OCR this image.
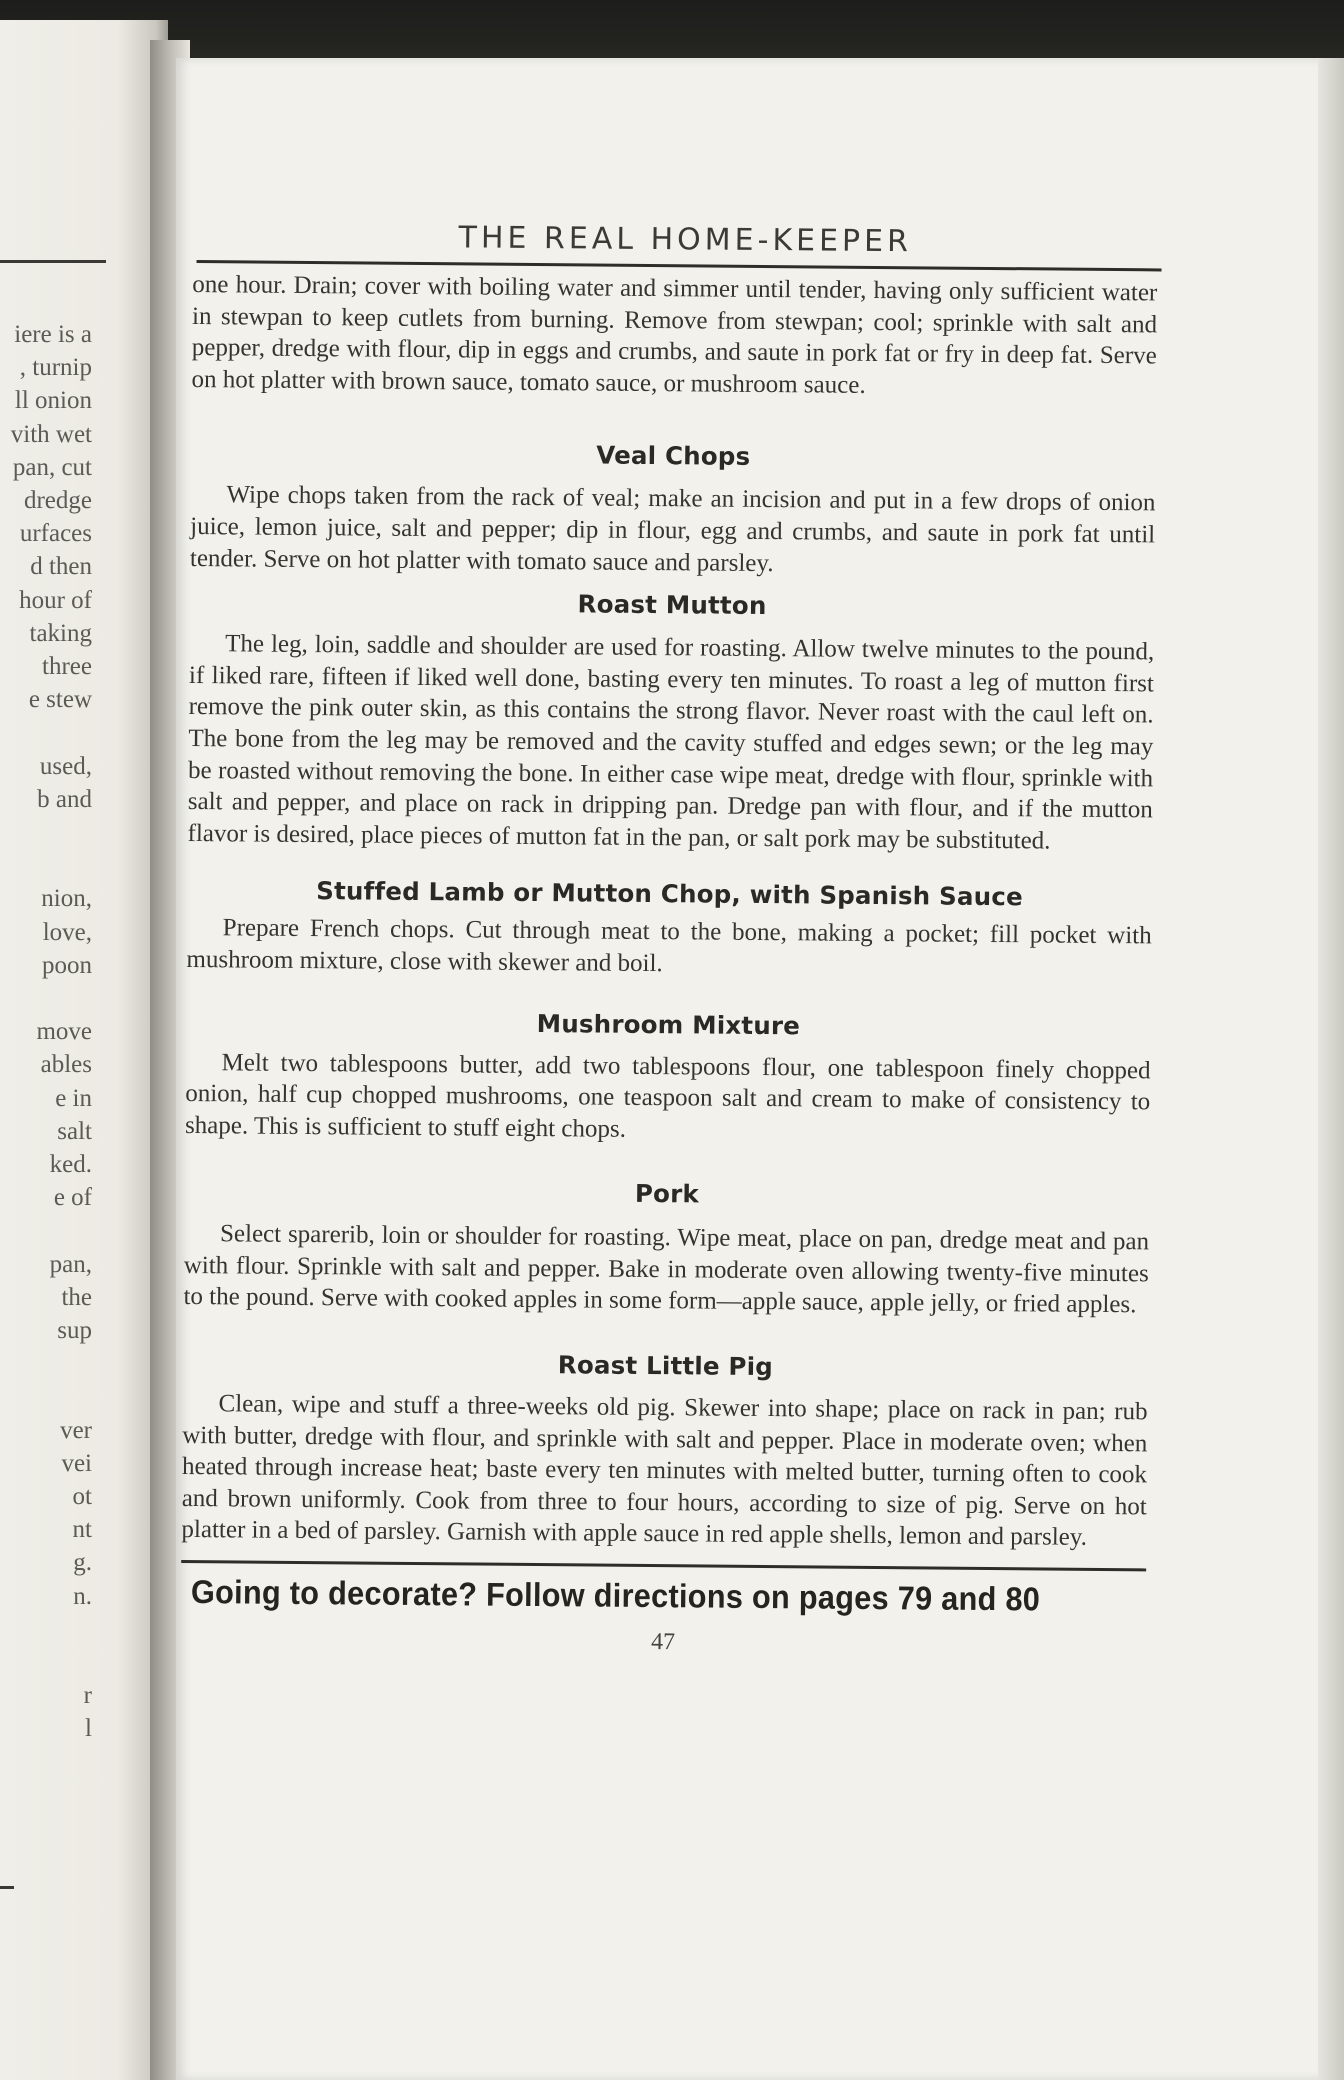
iere is a
, turnip
ll onion
vith wet
pan, cut
dredge
urfaces
d then
hour of
taking
three
e stew
used,
b and
nion,
love,
poon
move
ables
e in
salt
ked.
e of
pan,
the
sup
ver
vei
ot
nt
g.
n.
r
l
THE REAL HOME-KEEPER

one hour. Drain; cover with boiling water and simmer until tender, having only sufficient water in stewpan to keep cutlets from burning. Remove from stewpan; cool; sprinkle with salt and pepper, dredge with flour, dip in eggs and crumbs, and saute in pork fat or fry in deep fat. Serve on hot platter with brown sauce, tomato sauce, or mushroom sauce.

Veal Chops

Wipe chops taken from the rack of veal; make an incision and put in a few drops of onion juice, lemon juice, salt and pepper; dip in flour, egg and crumbs, and saute in pork fat until tender. Serve on hot platter with tomato sauce and parsley.

Roast Mutton

The leg, loin, saddle and shoulder are used for roasting. Allow twelve minutes to the pound, if liked rare, fifteen if liked well done, basting every ten minutes. To roast a leg of mutton first remove the pink outer skin, as this contains the strong flavor. Never roast with the caul left on. The bone from the leg may be removed and the cavity stuffed and edges sewn; or the leg may be roasted without removing the bone. In either case wipe meat, dredge with flour, sprinkle with salt and pepper, and place on rack in dripping pan. Dredge pan with flour, and if the mutton flavor is desired, place pieces of mutton fat in the pan, or salt pork may be substituted.

Stuffed Lamb or Mutton Chop, with Spanish Sauce

Prepare French chops. Cut through meat to the bone, making a pocket; fill pocket with mushroom mixture, close with skewer and boil.

Mushroom Mixture

Melt two tablespoons butter, add two tablespoons flour, one tablespoon finely chopped onion, half cup chopped mushrooms, one teaspoon salt and cream to make of consistency to shape. This is sufficient to stuff eight chops.

Pork

Select sparerib, loin or shoulder for roasting. Wipe meat, place on pan, dredge meat and pan with flour. Sprinkle with salt and pepper. Bake in moderate oven allowing twenty-five minutes to the pound. Serve with cooked apples in some form—apple sauce, apple jelly, or fried apples.

Roast Little Pig

Clean, wipe and stuff a three-weeks old pig. Skewer into shape; place on rack in pan; rub with butter, dredge with flour, and sprinkle with salt and pepper. Place in moderate oven; when heated through increase heat; baste every ten minutes with melted butter, turning often to cook and brown uniformly. Cook from three to four hours, according to size of pig. Serve on hot platter in a bed of parsley. Garnish with apple sauce in red apple shells, lemon and parsley.

Going to decorate? Follow directions on pages 79 and 80
47
